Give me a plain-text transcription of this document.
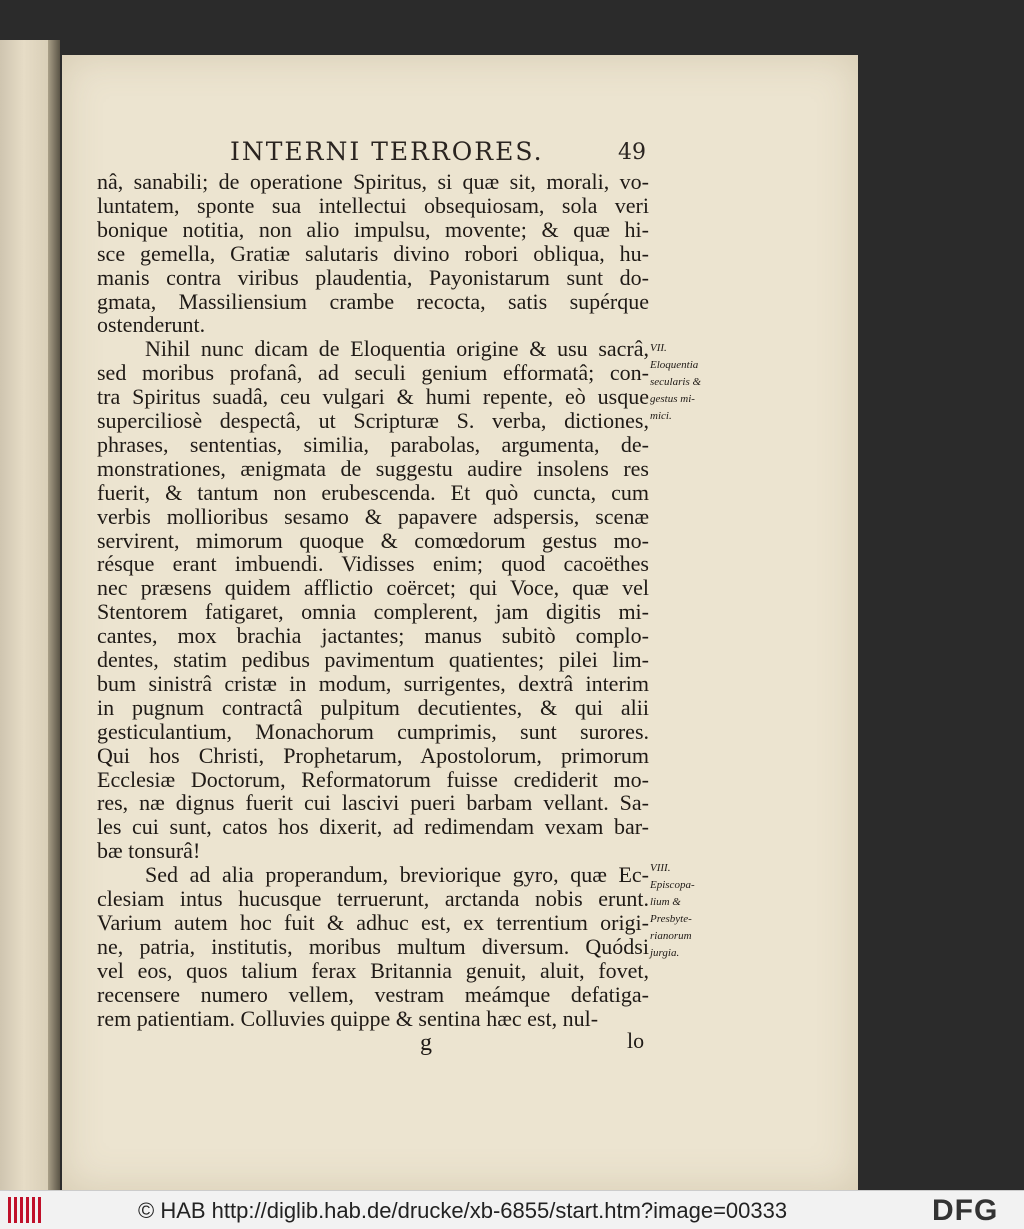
INTERNI TERRORES.	49
nâ, sanabili; de operatione Spiritus, si quæ sit, morali, vo-
luntatem, sponte sua intellectui obsequiosam, sola veri
bonique notitia, non alio impulsu, movente; & quæ hi-
sce gemella, Gratiæ salutaris divino robori obliqua, hu-
manis contra viribus plaudentia, Payonistarum sunt do-
gmata, Massiliensium crambe recocta, satis supérque
ostenderunt.
Nihil nunc dicam de Eloquentia origine & usu sacrâ,
sed moribus profanâ, ad seculi genium efformatâ; con-
tra Spiritus suadâ, ceu vulgari & humi repente, eò usque
superciliosè despectâ, ut Scripturæ S. verba, dictiones,
phrases, sententias, similia, parabolas, argumenta, de-
monstrationes, ænigmata de suggestu audire insolens res
fuerit, & tantum non erubescenda. Et quò cuncta, cum
verbis mollioribus sesamo & papavere adspersis, scenæ
servirent, mimorum quoque & comœdorum gestus mo-
résque erant imbuendi. Vidisses enim; quod cacoëthes
nec præsens quidem afflictio coërcet; qui Voce, quæ vel
Stentorem fatigaret, omnia complerent, jam digitis mi-
cantes, mox brachia jactantes; manus subitò complo-
dentes, statim pedibus pavimentum quatientes; pilei lim-
bum sinistrâ cristæ in modum, surrigentes, dextrâ interim
in pugnum contractâ pulpitum decutientes, & qui alii
gesticulantium, Monachorum cumprimis, sunt surores.
Qui hos Christi, Prophetarum, Apostolorum, primorum
Ecclesiæ Doctorum, Reformatorum fuisse crediderit mo-
res, næ dignus fuerit cui lascivi pueri barbam vellant. Sa-
les cui sunt, catos hos dixerit, ad redimendam vexam bar-
bæ tonsurâ!
Sed ad alia properandum, breviorique gyro, quæ Ec-
clesiam intus hucusque terruerunt, arctanda nobis erunt.
Varium autem hoc fuit & adhuc est, ex terrentium origi-
ne, patria, institutis, moribus multum diversum. Quódsi
vel eos, quos talium ferax Britannia genuit, aluit, fovet,
recensere numero vellem, vestram meámque defatiga-
rem patientiam. Colluvies quippe & sentina hæc est, nul-
VII.
Eloquentia
secularis &
gestus mi-
mici.
VIII.
Episcopa-
lium &
Presbyte-
rianorum
jurgia.
g	lo
© HAB http://diglib.hab.de/drucke/xb-6855/start.htm?image=00333	DFG
